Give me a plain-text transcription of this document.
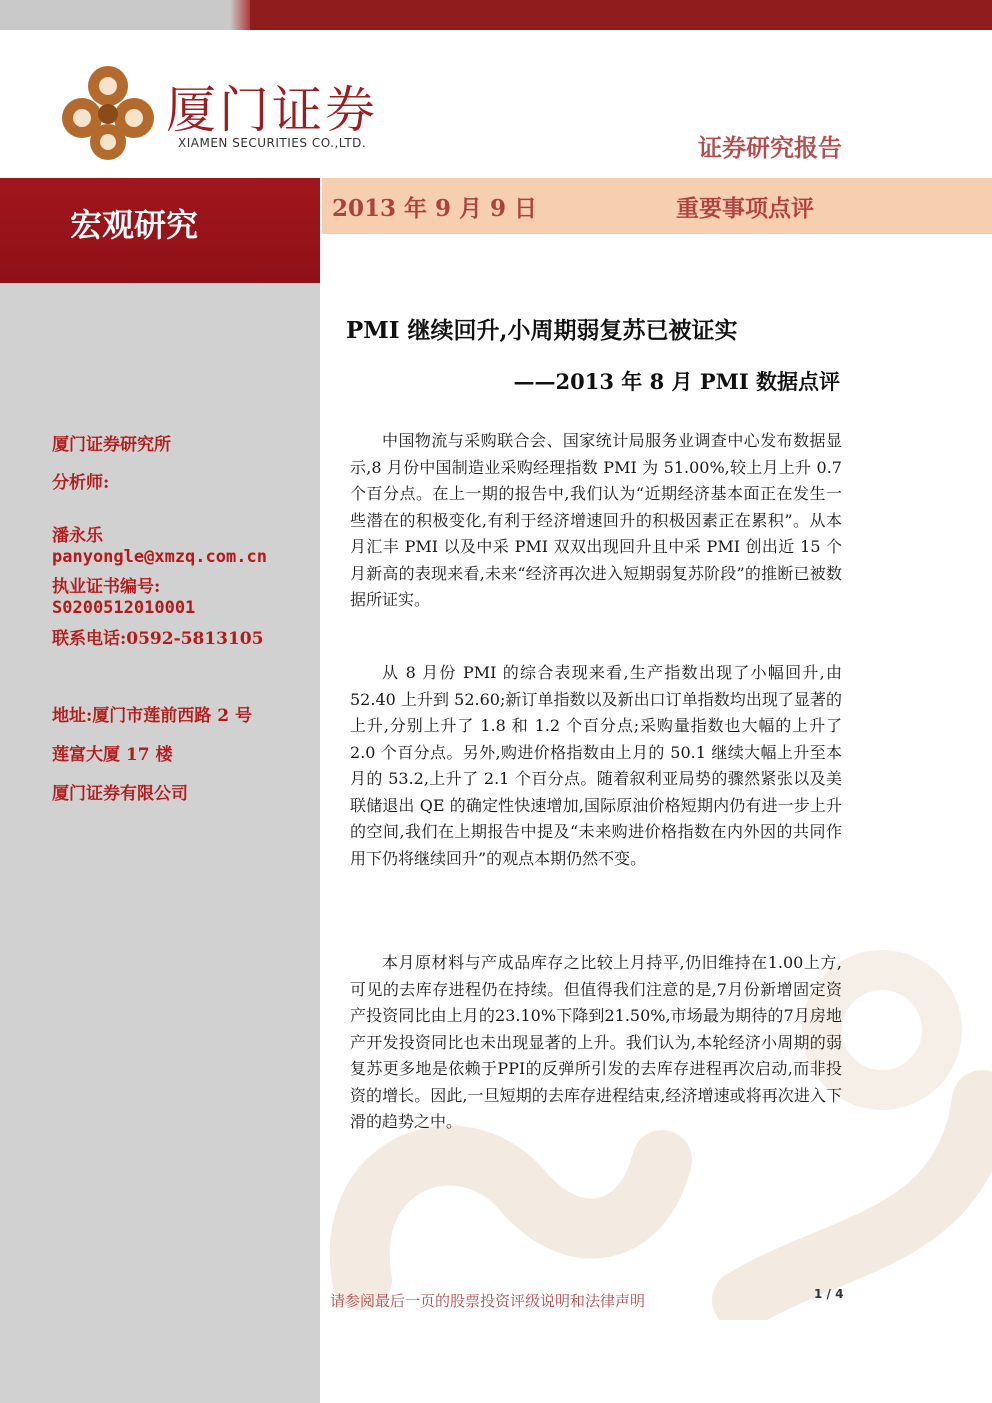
厦门证券
XIAMEN SECURITIES CO.,LTD.	证券研究报告
宏观研究	2013 年 9 月 9 日	重要事项点评
厦门证券研究所
分析师:
潘永乐
panyongle@xmzq.com.cn
执业证书编号:
S0200512010001
联系电话:0592-5813105
地址:厦门市莲前西路 2 号
莲富大厦 17 楼
厦门证券有限公司
PMI 继续回升,小周期弱复苏已被证实
——2013 年 8 月 PMI 数据点评

中国物流与采购联合会、国家统计局服务业调查中心发布数据显示,8 月份中国制造业采购经理指数 PMI 为 51.00%,较上月上升 0.7 个百分点。在上一期的报告中,我们认为“近期经济基本面正在发生一些潜在的积极变化,有利于经济增速回升的积极因素正在累积”。从本月汇丰 PMI 以及中采 PMI 双双出现回升且中采 PMI 创出近 15 个月新高的表现来看,未来“经济再次进入短期弱复苏阶段”的推断已被数据所证实。

从 8 月份 PMI 的综合表现来看,生产指数出现了小幅回升,由 52.40 上升到 52.60;新订单指数以及新出口订单指数均出现了显著的上升,分别上升了 1.8 和 1.2 个百分点;采购量指数也大幅的上升了 2.0 个百分点。另外,购进价格指数由上月的 50.1 继续大幅上升至本月的 53.2,上升了 2.1 个百分点。随着叙利亚局势的骤然紧张以及美联储退出 QE 的确定性快速增加,国际原油价格短期内仍有进一步上升的空间,我们在上期报告中提及“未来购进价格指数在内外因的共同作用下仍将继续回升”的观点本期仍然不变。

本月原材料与产成品库存之比较上月持平,仍旧维持在1.00上方,可见的去库存进程仍在持续。但值得我们注意的是,7月份新增固定资产投资同比由上月的23.10%下降到21.50%,市场最为期待的7月房地产开发投资同比也未出现显著的上升。我们认为,本轮经济小周期的弱复苏更多地是依赖于PPI的反弹所引发的去库存进程再次启动,而非投资的增长。因此,一旦短期的去库存进程结束,经济增速或将再次进入下滑的趋势之中。

请参阅最后一页的股票投资评级说明和法律声明	1 / 4
